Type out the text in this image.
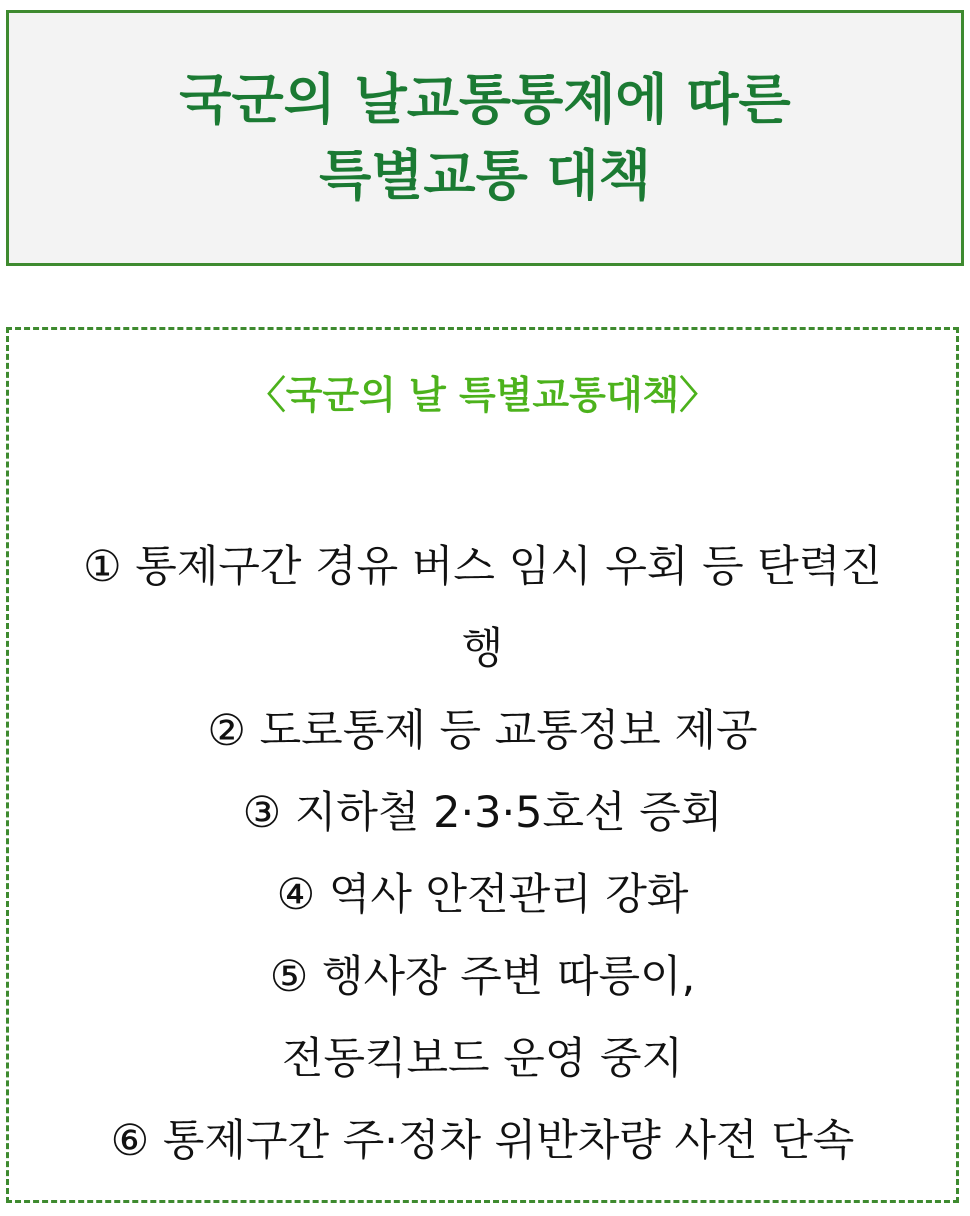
국군의 날교통통제에 따른
특별교통 대책
〈국군의 날 특별교통대책〉
① 통제구간 경유 버스 임시 우회 등 탄력진
행
② 도로통제 등 교통정보 제공
③ 지하철 2·3·5호선 증회
④ 역사 안전관리 강화
⑤ 행사장 주변 따릉이,
전동킥보드 운영 중지
⑥ 통제구간 주·정차 위반차량 사전 단속
